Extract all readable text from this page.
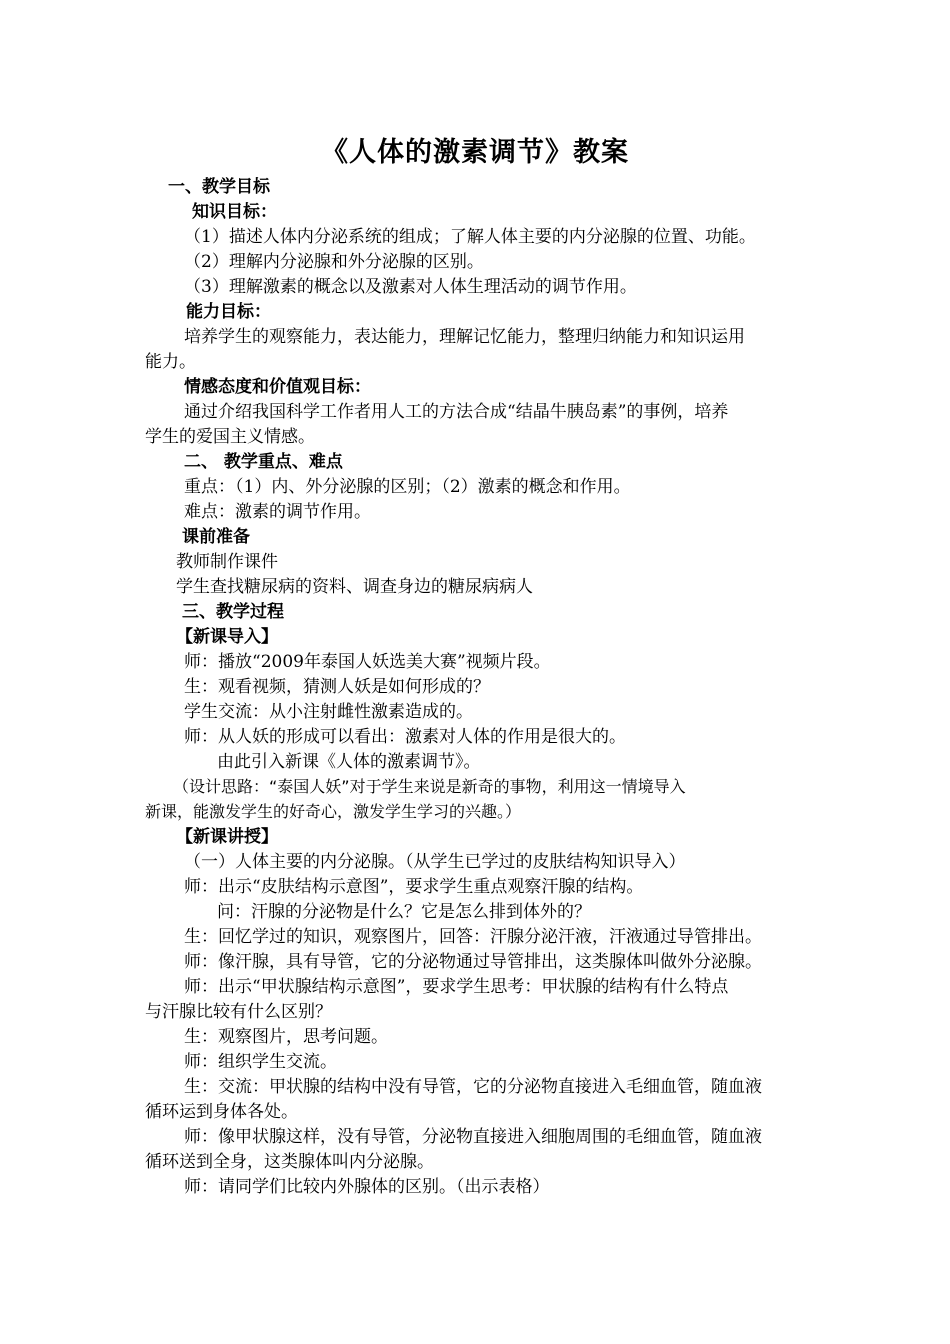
《人体的激素调节》教案
一、教学目标
知识目标：
（1）描述人体内分泌系统的组成；了解人体主要的内分泌腺的位置、功能。
（2）理解内分泌腺和外分泌腺的区别。
（3）理解激素的概念以及激素对人体生理活动的调节作用。
能力目标：
培养学生的观察能力，表达能力，理解记忆能力，整理归纳能力和知识运用
能力。
情感态度和价值观目标：
通过介绍我国科学工作者用人工的方法合成“结晶牛胰岛素”的事例，培养
学生的爱国主义情感。
二、 教学重点、难点
重点：（1）内、外分泌腺的区别；（2）激素的概念和作用。
难点：激素的调节作用。
课前准备
教师制作课件
学生查找糖尿病的资料、调查身边的糖尿病病人
三、教学过程
【新课导入】
师：播放“2009年泰国人妖选美大赛”视频片段。
生：观看视频，猜测人妖是如何形成的？
学生交流：从小注射雌性激素造成的。
师：从人妖的形成可以看出：激素对人体的作用是很大的。
由此引入新课《人体的激素调节》。
（设计思路：“泰国人妖”对于学生来说是新奇的事物，利用这一情境导入
新课，能激发学生的好奇心，激发学生学习的兴趣。）
【新课讲授】
（一）人体主要的内分泌腺。（从学生已学过的皮肤结构知识导入）
师：出示“皮肤结构示意图”，要求学生重点观察汗腺的结构。
问：汗腺的分泌物是什么？它是怎么排到体外的？
生：回忆学过的知识，观察图片，回答：汗腺分泌汗液，汗液通过导管排出。
师：像汗腺，具有导管，它的分泌物通过导管排出，这类腺体叫做外分泌腺。
师：出示“甲状腺结构示意图”，要求学生思考：甲状腺的结构有什么特点
与汗腺比较有什么区别？
生：观察图片，思考问题。
师：组织学生交流。
生：交流：甲状腺的结构中没有导管，它的分泌物直接进入毛细血管，随血液
循环运到身体各处。
师：像甲状腺这样，没有导管，分泌物直接进入细胞周围的毛细血管，随血液
循环送到全身，这类腺体叫内分泌腺。
师：请同学们比较内外腺体的区别。（出示表格）
